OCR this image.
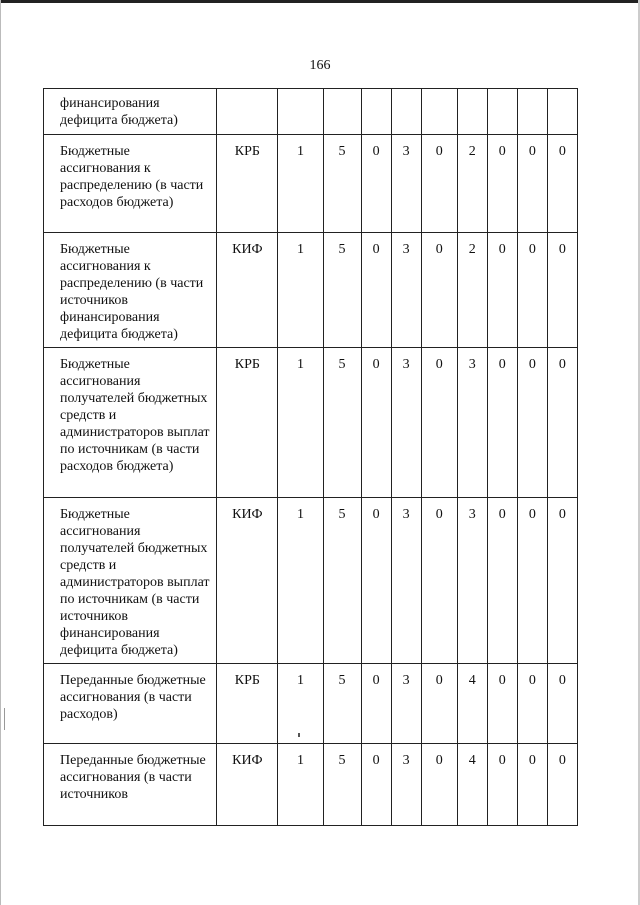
166
финансирования дефицита бюджета)										
Бюджетные ассигнования к распределению (в части расходов бюджета)	КРБ	1	5	0	3	0	2	0	0	0
Бюджетные ассигнования к распределению (в части источников финансирования дефицита бюджета)	КИФ	1	5	0	3	0	2	0	0	0
Бюджетные ассигнования получателей бюджетных средств и администраторов выплат по источникам (в части расходов бюджета)	КРБ	1	5	0	3	0	3	0	0	0
Бюджетные ассигнования получателей бюджетных средств и администраторов выплат по источникам (в части источников финансирования дефицита бюджета)	КИФ	1	5	0	3	0	3	0	0	0
Переданные бюджетные ассигнования (в части расходов)	КРБ	1	5	0	3	0	4	0	0	0
Переданные бюджетные ассигнования (в части источников	КИФ	1	5	0	3	0	4	0	0	0
